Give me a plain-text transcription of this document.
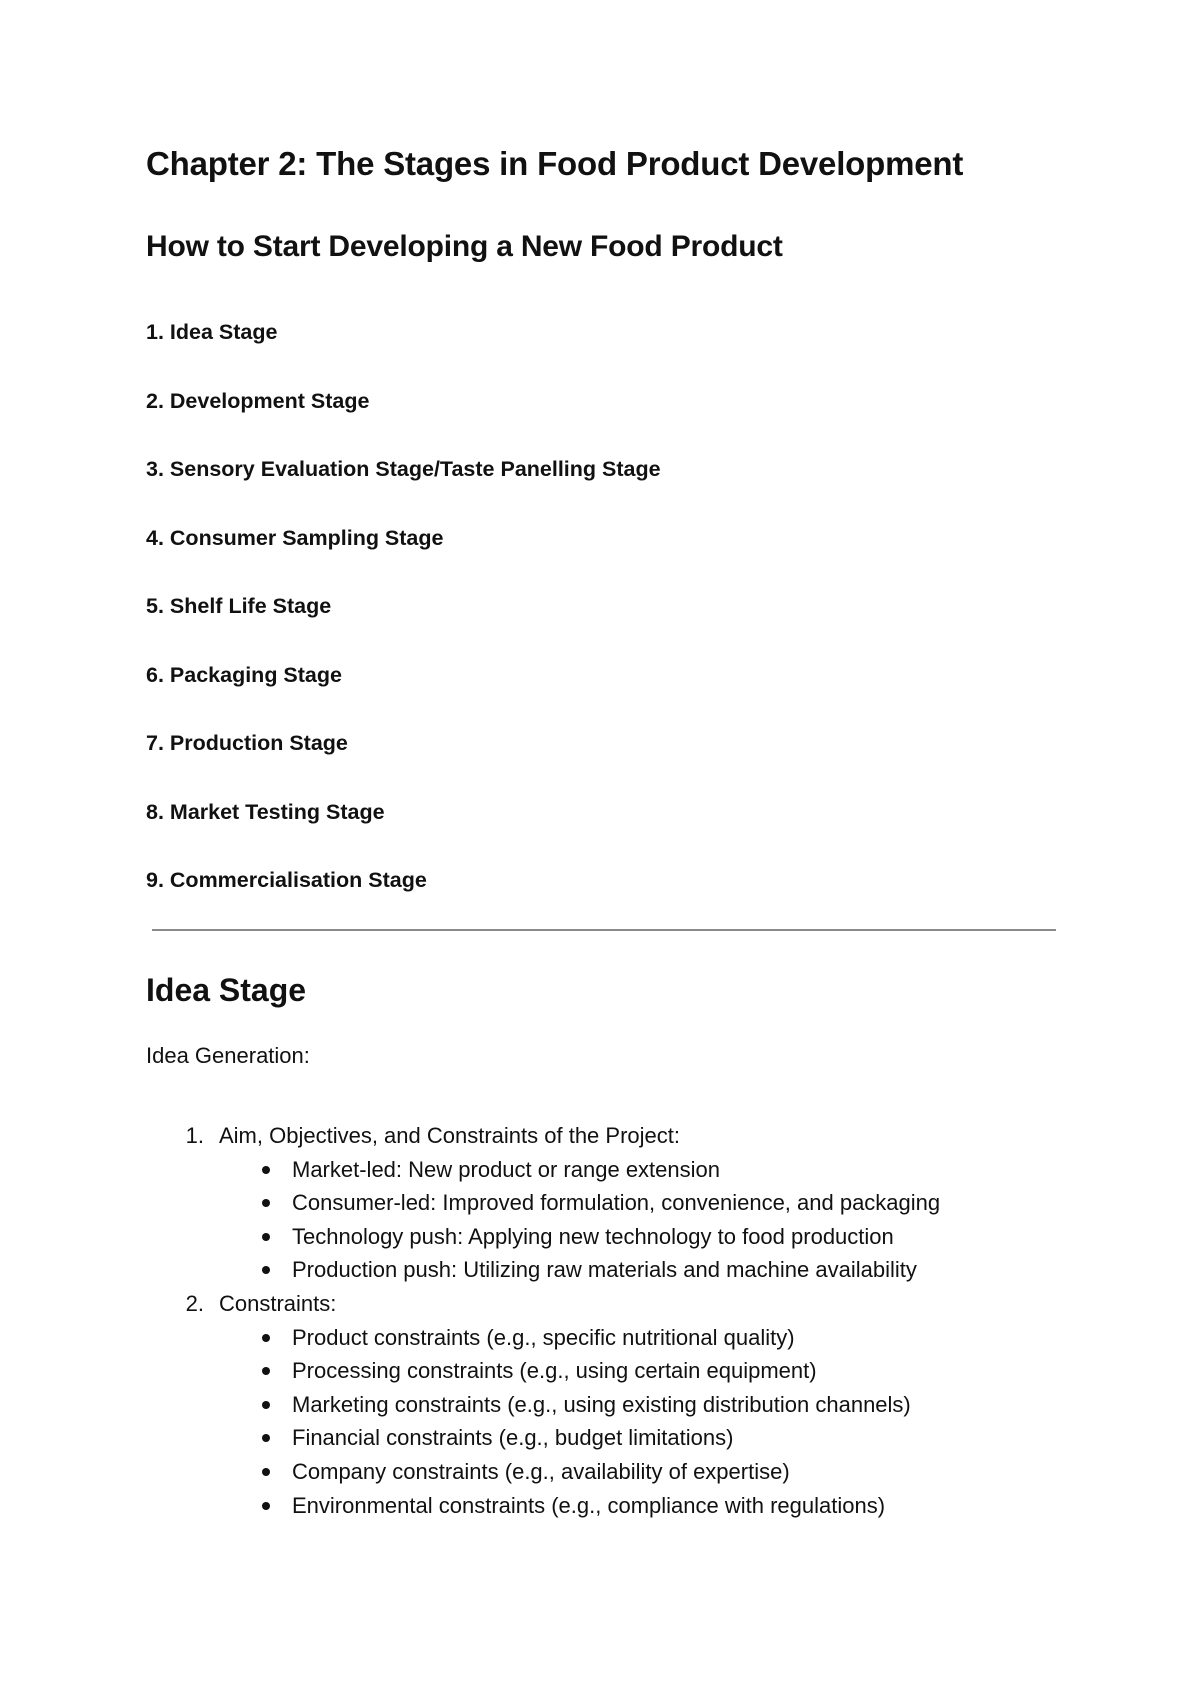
Chapter 2: The Stages in Food Product Development
How to Start Developing a New Food Product
1. Idea Stage
2. Development Stage
3. Sensory Evaluation Stage/Taste Panelling Stage
4. Consumer Sampling Stage
5. Shelf Life Stage
6. Packaging Stage
7. Production Stage
8. Market Testing Stage
9. Commercialisation Stage
Idea Stage
Idea Generation:
1. Aim, Objectives, and Constraints of the Project:
Market-led: New product or range extension
Consumer-led: Improved formulation, convenience, and packaging
Technology push: Applying new technology to food production
Production push: Utilizing raw materials and machine availability
2. Constraints:
Product constraints (e.g., specific nutritional quality)
Processing constraints (e.g., using certain equipment)
Marketing constraints (e.g., using existing distribution channels)
Financial constraints (e.g., budget limitations)
Company constraints (e.g., availability of expertise)
Environmental constraints (e.g., compliance with regulations)
